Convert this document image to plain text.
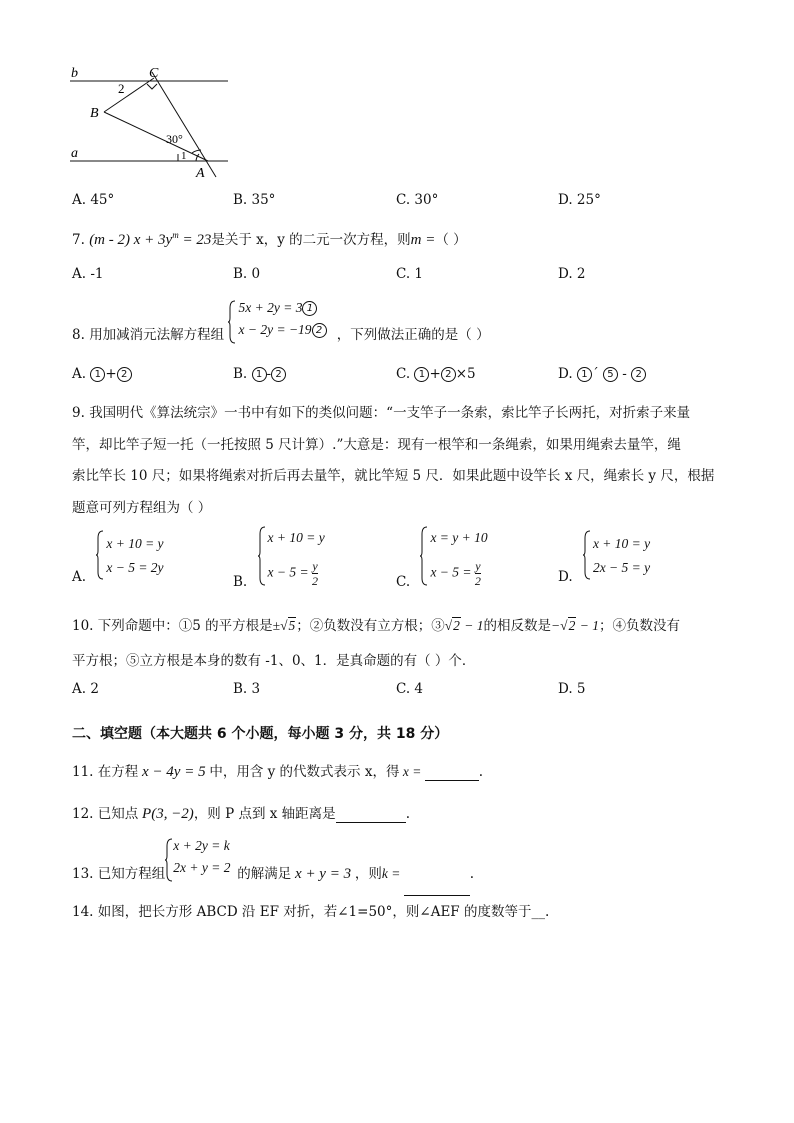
b
a
C
B
A
2
30°
1
A. 45°	B. 35°	C. 30°	D. 25°
7. (m - 2) $x + 3y^m = 23$是关于 x，y 的二元一次方程，则m =（ ）
A. -1	B. 0	C. 1	D. 2
8. 用加减消元法解方程组
5x + 2y = 3 1
x − 2y = −19 2	，下列做法正确的是（ ）
A. 1 + 2	B. 1 - 2	C. 1 + 2 ×5	D. 1 ´ 5 - 2
9. 我国明代《算法统宗》一书中有如下的类似问题：“一支竿子一条索，索比竿子长两托，对折索子来量
竿，却比竿子短一托（一托按照 5 尺计算）.”大意是：现有一根竿和一条绳索，如果用绳索去量竿，绳
索比竿长 10 尺；如果将绳索对折后再去量竿，就比竿短 5 尺．如果此题中设竿长 x 尺，绳索长 y 尺，根据
题意可列方程组为（ ）
A.
x + 10 = y
x − 5 = 2y
B.
x + 10 = y
$x - 5 = \frac{y}{2}$	C.
x = y + 10
$x - 5 = \frac{y}{2}$	D.
x + 10 = y
2x − 5 = y
10. 下列命题中：①5 的平方根是±√5；②负数没有立方根；③√2 − 1的相反数是−√2 − 1；④负数没有
平方根；⑤立方根是本身的数有 -1、0、1．是真命题的有（ ）个．
A. 2	B. 3	C. 4	D. 5
二、填空题（本大题共 6 个小题，每小题 3 分，共 18 分）
11. 在方程 x − 4y = 5 中，用含 y 的代数式表示 x，得 x =	.
12. 已知点 P(3, −2)，则 P 点到 x 轴距离是	.
13. 已知方程组
x + 2y = k
2x + y = 2 的解满足 x + y = 3 ，则k =	.
14. 如图，把长方形 ABCD 沿 EF 对折，若∠1=50°，则∠AEF 的度数等于__.
